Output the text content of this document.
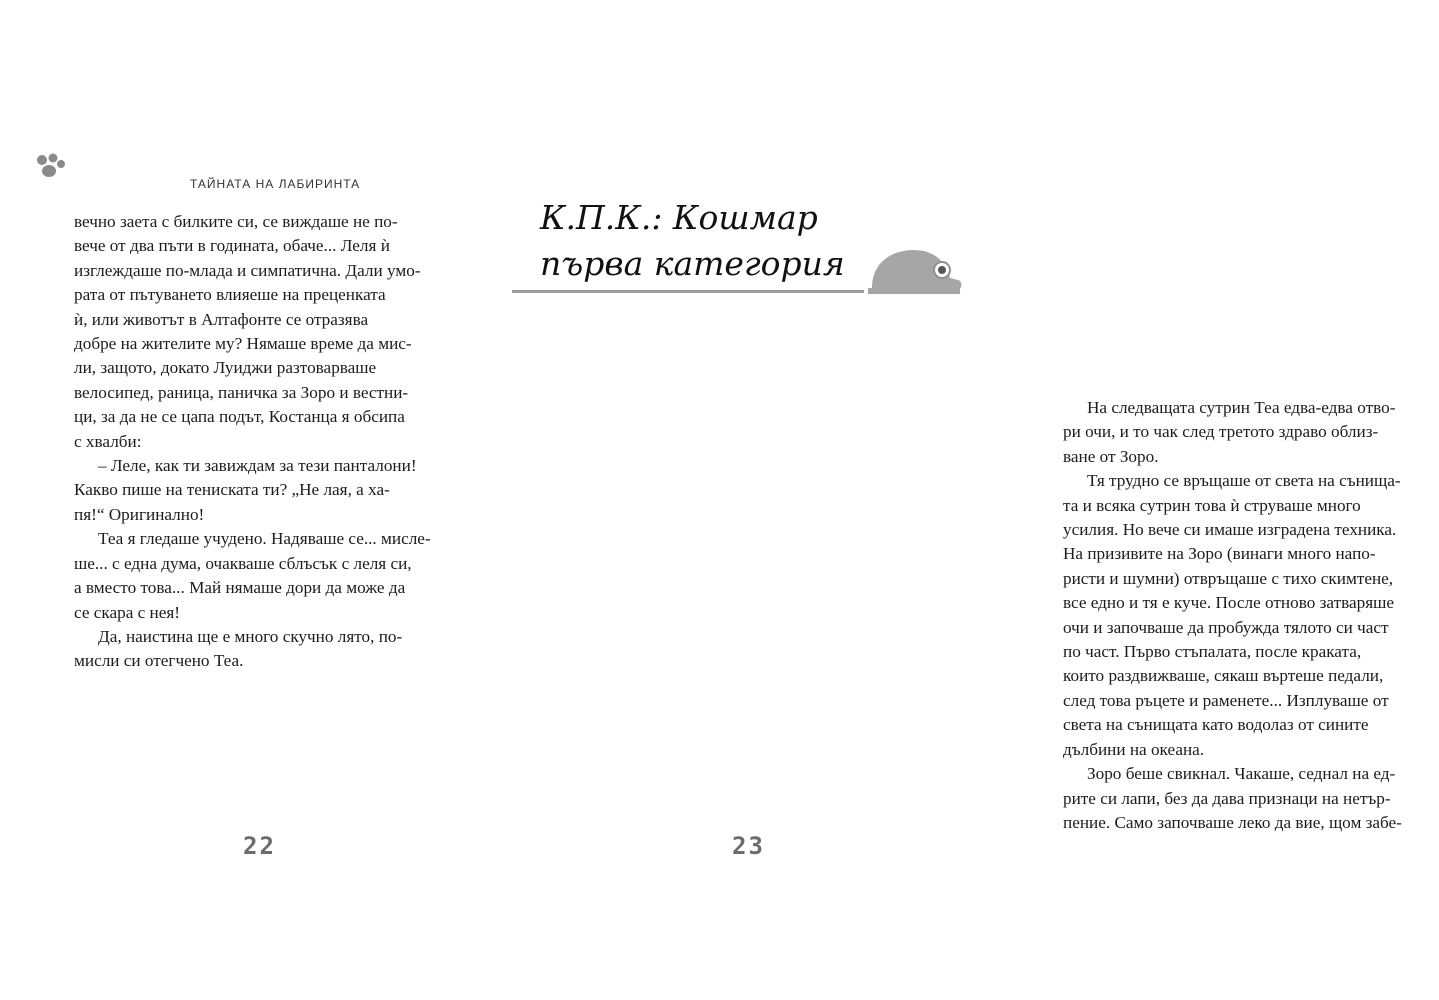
ТАЙНАТА НА ЛАБИРИНТА
вечно заета с билките си, се виждаше не по-
вече от два пъти в годината, обаче... Леля ѝ
изглеждаше по-млада и симпатична. Дали умо-
рата от пътуването влияеше на преценката
ѝ, или животът в Алтафонте се отразява
добре на жителите му? Нямаше време да мис-
ли, защото, докато Луиджи разтоварваше
велосипед, раница, паничка за Зоро и вестни-
ци, за да не се цапа подът, Костанца я обсипа
с хвалби:
– Леле, как ти завиждам за тези панталони!
Какво пише на тениската ти? „Не лая, а ха-
пя!“ Оригинално!
Теа я гледаше учудено. Надяваше се... мисле-
ше... с една дума, очакваше сблъсък с леля си,
а вместо това... Май нямаше дори да може да
се скара с нея!
Да, наистина ще е много скучно лято, по-
мисли си отегчено Теа.
22
К.П.К.: Кошмар
първа категория
На следващата сутрин Теа едва-едва отво-
ри очи, и то чак след третото здраво облиз-
ване от Зоро.
Тя трудно се връщаше от света на сънища-
та и всяка сутрин това ѝ струваше много
усилия. Но вече си имаше изградена техника.
На призивите на Зоро (винаги много напо-
ристи и шумни) отвръщаше с тихо скимтене,
все едно и тя е куче. После отново затваряше
очи и започваше да пробужда тялото си част
по част. Първо стъпалата, после краката,
които раздвижваше, сякаш въртеше педали,
след това ръцете и раменете... Изплуваше от
света на сънищата като водолаз от сините
дълбини на океана.
Зоро беше свикнал. Чакаше, седнал на ед-
рите си лапи, без да дава признаци на нетър-
пение. Само започваше леко да вие, щом забе-
23
